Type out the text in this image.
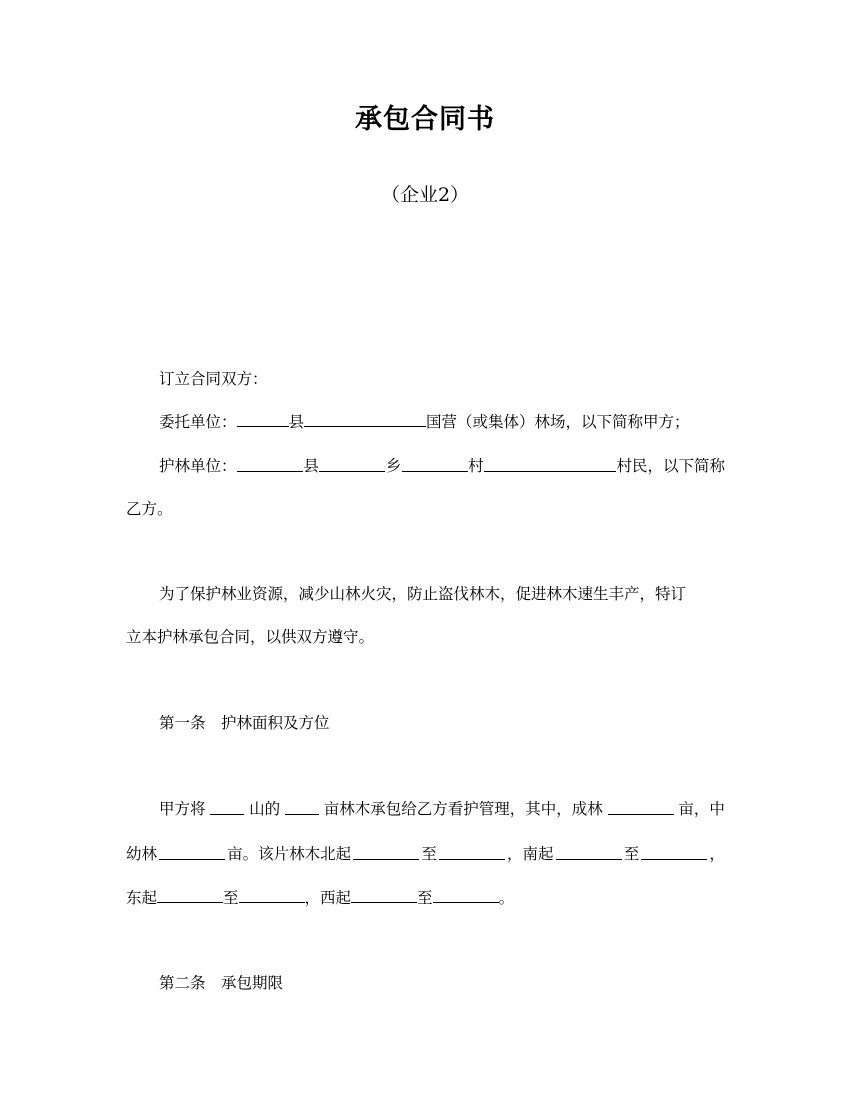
承包合同书
（企业2）
订立合同双方：
委托单位：	县	国营（或集体）林场，以下简称甲方；
护林单位：	县	乡	村	村民，以下简称
乙方。
为了保护林业资源，减少山林火灾，防止盗伐林木，促进林木速生丰产，特订
立本护林承包合同，以供双方遵守。
第一条　护林面积及方位
甲方将	山的	亩林木承包给乙方看护管理，其中，成林	亩，中
幼林	亩。该片林木北起	至	，南起	至	，
东起	至	，西起	至	。
第二条　承包期限
